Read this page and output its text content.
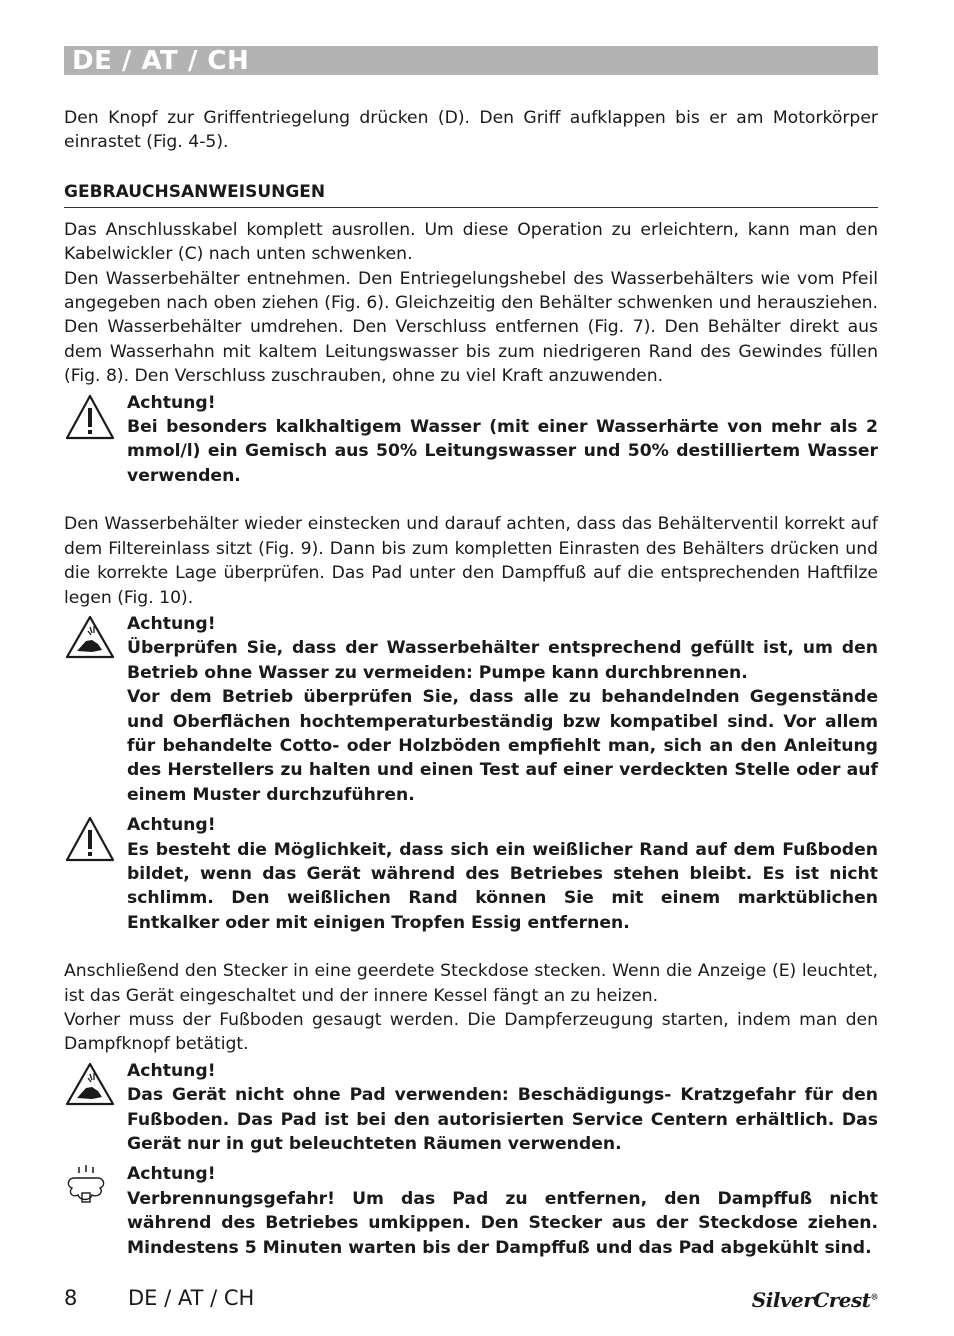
DE / AT / CH

Den Knopf zur Griffentriegelung drücken (D). Den Griff aufklappen bis er am Motorkörper einrastet (Fig. 4-5).

GEBRAUCHSANWEISUNGEN

Das Anschlusskabel komplett ausrollen. Um diese Operation zu erleichtern, kann man den Kabelwickler (C) nach unten schwenken.

Den Wasserbehälter entnehmen. Den Entriegelungshebel des Wasserbehälters wie vom Pfeil angegeben nach oben ziehen (Fig. 6). Gleichzeitig den Behälter schwenken und herausziehen. Den Wasserbehälter umdrehen. Den Verschluss entfernen (Fig. 7). Den Behälter direkt aus dem Wasserhahn mit kaltem Leitungswasser bis zum niedrigeren Rand des Gewindes füllen (Fig. 8). Den Verschluss zuschrauben, ohne zu viel Kraft anzuwenden.

Achtung!
Bei besonders kalkhaltigem Wasser (mit einer Wasserhärte von mehr als 2 mmol/l) ein Gemisch aus 50% Leitungswasser und 50% destilliertem Wasser verwenden.

Den Wasserbehälter wieder einstecken und darauf achten, dass das Behälterventil korrekt auf dem Filtereinlass sitzt (Fig. 9). Dann bis zum kompletten Einrasten des Behälters drücken und die korrekte Lage überprüfen. Das Pad unter den Dampffuß auf die entsprechenden Haftfilze legen (Fig. 10).

Achtung!
Überprüfen Sie, dass der Wasserbehälter entsprechend gefüllt ist, um den Betrieb ohne Wasser zu vermeiden: Pumpe kann durchbrennen.
Vor dem Betrieb überprüfen Sie, dass alle zu behandelnden Gegenstände und Oberflächen hochtemperaturbeständig bzw kompatibel sind. Vor allem für behandelte Cotto- oder Holzböden empfiehlt man, sich an den Anleitung des Herstellers zu halten und einen Test auf einer verdeckten Stelle oder auf einem Muster durchzuführen.
Achtung!
Es besteht die Möglichkeit, dass sich ein weißlicher Rand auf dem Fußboden bildet, wenn das Gerät während des Betriebes stehen bleibt. Es ist nicht schlimm. Den weißlichen Rand können Sie mit einem marktüblichen Entkalker oder mit einigen Tropfen Essig entfernen.

Anschließend den Stecker in eine geerdete Steckdose stecken. Wenn die Anzeige (E) leuchtet, ist das Gerät eingeschaltet und der innere Kessel fängt an zu heizen.

Vorher muss der Fußboden gesaugt werden. Die Dampferzeugung starten, indem man den Dampfknopf betätigt.

Achtung!
Das Gerät nicht ohne Pad verwenden: Beschädigungs- Kratzgefahr für den Fußboden. Das Pad ist bei den autorisierten Service Centern erhältlich. Das Gerät nur in gut beleuchteten Räumen verwenden.
Achtung!
Verbrennungsgefahr! Um das Pad zu entfernen, den Dampffuß nicht während des Betriebes umkippen. Den Stecker aus der Steckdose ziehen. Mindestens 5 Minuten warten bis der Dampffuß und das Pad abgekühlt sind.
8 DE / AT / CH	SilverCrest®
